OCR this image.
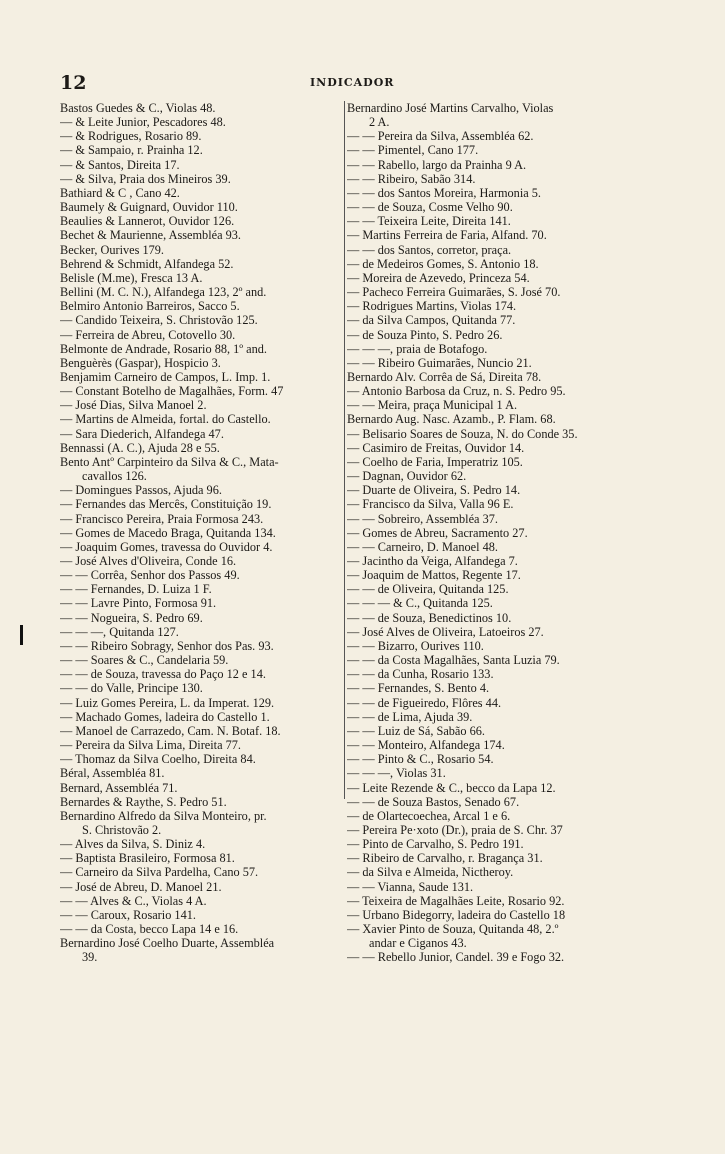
12	INDICADOR
Bastos Guedes & C., Violas 48.
— & Leite Junior, Pescadores 48.
— & Rodrigues, Rosario 89.
— & Sampaio, r. Prainha 12.
— & Santos, Direita 17.
— & Silva, Praia dos Mineiros 39.
Bathiard & C , Cano 42.
Baumely & Guignard, Ouvidor 110.
Beaulies & Lannerot, Ouvidor 126.
Bechet & Maurienne, Assembléa 93.
Becker, Ourives 179.
Behrend & Schmidt, Alfandega 52.
Belisle (M.me), Fresca 13 A.
Bellini (M. C. N.), Alfandega 123, 2º and.
Belmiro Antonio Barreiros, Sacco 5.
— Candido Teixeira, S. Christovão 125.
— Ferreira de Abreu, Cotovello 30.
Belmonte de Andrade, Rosario 88, 1º and.
Benguèrès (Gaspar), Hospicio 3.
Benjamim Carneiro de Campos, L. Imp. 1.
— Constant Botelho de Magalhães, Form. 47
— José Dias, Silva Manoel 2.
— Martins de Almeida, fortal. do Castello.
— Sara Diederich, Alfandega 47.
Bennassi (A. C.), Ajuda 28 e 55.
Bento Antº Carpinteiro da Silva & C., Mata-
cavallos 126.
— Domingues Passos, Ajuda 96.
— Fernandes das Mercês, Constituição 19.
— Francisco Pereira, Praia Formosa 243.
— Gomes de Macedo Braga, Quitanda 134.
— Joaquim Gomes, travessa do Ouvidor 4.
— José Alves d'Oliveira, Conde 16.
— — Corrêa, Senhor dos Passos 49.
— — Fernandes, D. Luiza 1 F.
— — Lavre Pinto, Formosa 91.
— — Nogueira, S. Pedro 69.
— — —, Quitanda 127.
— — Ribeiro Sobragy, Senhor dos Pas. 93.
— — Soares & C., Candelaria 59.
— — de Souza, travessa do Paço 12 e 14.
— — do Valle, Principe 130.
— Luiz Gomes Pereira, L. da Imperat. 129.
— Machado Gomes, ladeira do Castello 1.
— Manoel de Carrazedo, Cam. N. Botaf. 18.
— Pereira da Silva Lima, Direita 77.
— Thomaz da Silva Coelho, Direita 84.
Béral, Assembléa 81.
Bernard, Assembléa 71.
Bernardes & Raythe, S. Pedro 51.
Bernardino Alfredo da Silva Monteiro, pr.
S. Christovão 2.
— Alves da Silva, S. Diniz 4.
— Baptista Brasileiro, Formosa 81.
— Carneiro da Silva Pardelha, Cano 57.
— José de Abreu, D. Manoel 21.
— — Alves & C., Violas 4 A.
— — Caroux, Rosario 141.
— — da Costa, becco Lapa 14 e 16.
Bernardino José Coelho Duarte, Assembléa
39.
Bernardino José Martins Carvalho, Violas
2 A.
— — Pereira da Silva, Assembléa 62.
— — Pimentel, Cano 177.
— — Rabello, largo da Prainha 9 A.
— — Ribeiro, Sabão 314.
— — dos Santos Moreira, Harmonia 5.
— — de Souza, Cosme Velho 90.
— — Teixeira Leite, Direita 141.
— Martins Ferreira de Faria, Alfand. 70.
— — dos Santos, corretor, praça.
— de Medeiros Gomes, S. Antonio 18.
— Moreira de Azevedo, Princeza 54.
— Pacheco Ferreira Guimarães, S. José 70.
— Rodrigues Martins, Violas 174.
— da Silva Campos, Quitanda 77.
— de Souza Pinto, S. Pedro 26.
— — —, praia de Botafogo.
— — Ribeiro Guimarães, Nuncio 21.
Bernardo Alv. Corrêa de Sá, Direita 78.
— Antonio Barbosa da Cruz, n. S. Pedro 95.
— — Meira, praça Municipal 1 A.
Bernardo Aug. Nasc. Azamb., P. Flam. 68.
— Belisario Soares de Souza, N. do Conde 35.
— Casimiro de Freitas, Ouvidor 14.
— Coelho de Faria, Imperatriz 105.
— Dagnan, Ouvidor 62.
— Duarte de Oliveira, S. Pedro 14.
— Francisco da Silva, Valla 96 E.
— — Sobreiro, Assembléa 37.
— Gomes de Abreu, Sacramento 27.
— — Carneiro, D. Manoel 48.
— Jacintho da Veiga, Alfandega 7.
— Joaquim de Mattos, Regente 17.
— — de Oliveira, Quitanda 125.
— — — & C., Quitanda 125.
— — de Souza, Benedictinos 10.
— José Alves de Oliveira, Latoeiros 27.
— — Bizarro, Ourives 110.
— — da Costa Magalhães, Santa Luzia 79.
— — da Cunha, Rosario 133.
— — Fernandes, S. Bento 4.
— — de Figueiredo, Flôres 44.
— — de Lima, Ajuda 39.
— — Luiz de Sá, Sabão 66.
— — Monteiro, Alfandega 174.
— — Pinto & C., Rosario 54.
— — —, Violas 31.
— Leite Rezende & C., becco da Lapa 12.
— — de Souza Bastos, Senado 67.
— de Olartecoechea, Arcal 1 e 6.
— Pereira Pe·xoto (Dr.), praia de S. Chr. 37
— Pinto de Carvalho, S. Pedro 191.
— Ribeiro de Carvalho, r. Bragança 31.
— da Silva e Almeida, Nictheroy.
— — Vianna, Saude 131.
— Teixeira de Magalhães Leite, Rosario 92.
— Urbano Bidegorry, ladeira do Castello 18
— Xavier Pinto de Souza, Quitanda 48, 2.º
andar e Ciganos 43.
— — Rebello Junior, Candel. 39 e Fogo 32.
